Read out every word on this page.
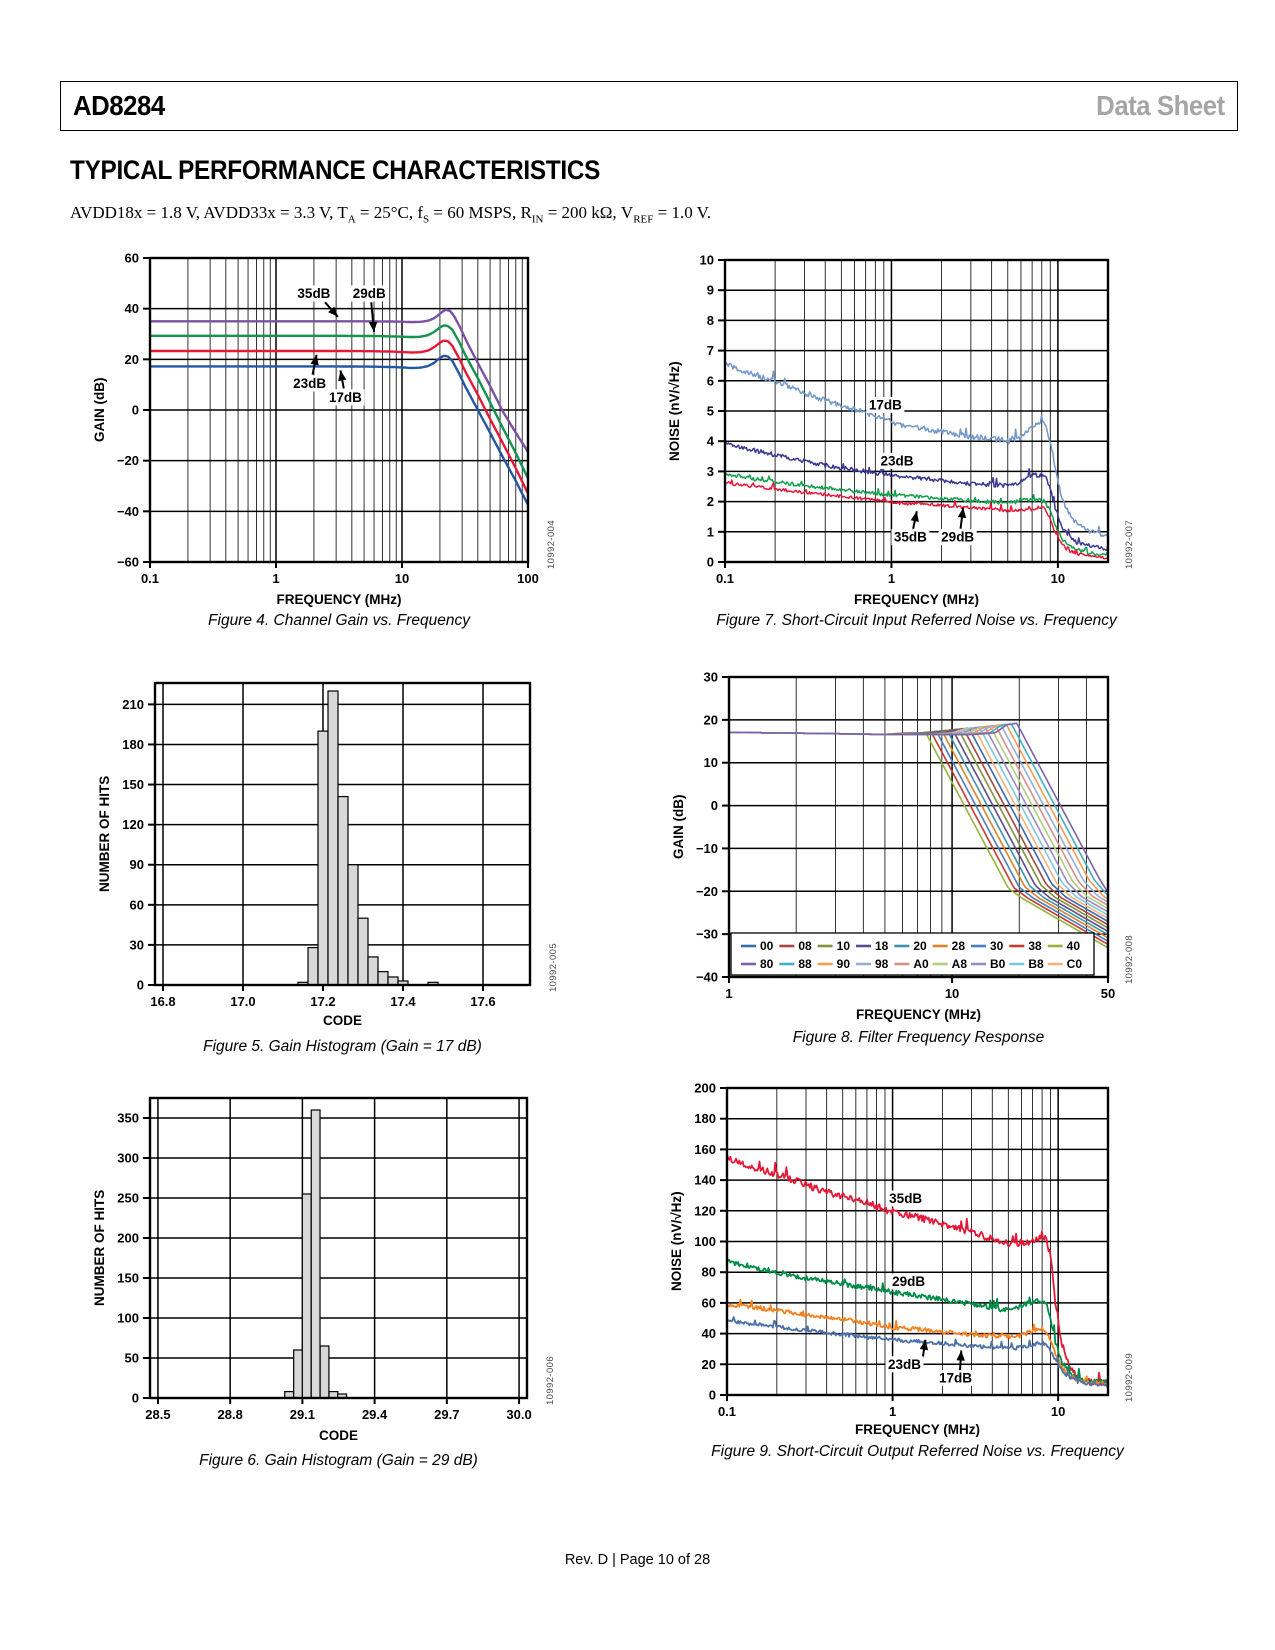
AD8284	Data Sheet
TYPICAL PERFORMANCE CHARACTERISTICS

AVDD18x = 1.8 V, AVDD33x = 3.3 V, $T_A = 25^\circ C$, $f_S = 60$ MSPS, $R_{IN} = 200$ kΩ, $V_{REF} = 1.0$ V.

GAIN (dB)
0.1	1	10	100
−60
−40
−20
0
20
40
60
35dB 29dB
23dB
17dB
FREQUENCY (MHz)
Figure 4. Channel Gain vs. Frequency
10992-004
NOISE (nV/√Hz)
0.1	1	10
0
1
2
3
4
5
6
7
8
9
10
17dB
23dB
35dB 29dB
FREQUENCY (MHz)
Figure 7. Short-Circuit Input Referred Noise vs. Frequency
10992-007
NUMBER OF HITS
16.8	17.0	17.2	17.4	17.6
0
30
60
90
120
150
180
210
CODE
Figure 5. Gain Histogram (Gain = 17 dB)
10992-005
GAIN (dB)
1	10	50
−40
−30
−20
−10
0
10
20
30
00 08 10 18 20 28 30 38 40
80 88 90 98 A0 A8 B0 B8 C0
FREQUENCY (MHz)
Figure 8. Filter Frequency Response
10992-008
NUMBER OF HITS
28.5	28.8	29.1	29.4	29.7	30.0
0
50
100
150
200
250
300
350
CODE
Figure 6. Gain Histogram (Gain = 29 dB)
10992-006
NOISE (nV/√Hz)
0.1	1	10
0
20
40
60
80
100
120
140
160
180
200
35dB
29dB
23dB
17dB
FREQUENCY (MHz)
Figure 9. Short-Circuit Output Referred Noise vs. Frequency
10992-009
Rev. D | Page 10 of 28
